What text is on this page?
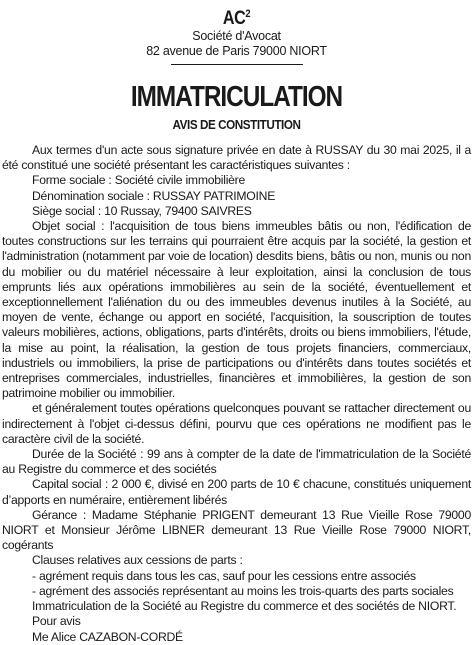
$AC^2$
Société d'Avocat
82 avenue de Paris 79000 NIORT
IMMATRICULATION
AVIS DE CONSTITUTION

Aux termes d'un acte sous signature privée en date à RUSSAY du 30 mai 2025, il a été constitué une société présentant les caractéristiques suivantes :

Forme sociale : Société civile immobilière

Dénomination sociale : RUSSAY PATRIMOINE

Siège social : 10 Russay, 79400 SAIVRES

Objet social : l'acquisition de tous biens immeubles bâtis ou non, l'édification de toutes constructions sur les terrains qui pourraient être acquis par la société, la gestion et l'administration (notamment par voie de location) desdits biens, bâtis ou non, munis ou non du mobilier ou du matériel nécessaire à leur exploitation, ainsi la conclusion de tous emprunts liés aux opérations immobilières au sein de la société, éventuellement et exceptionnellement l'aliénation du ou des immeubles devenus inutiles à la Société, au moyen de vente, échange ou apport en société, l'acquisition, la souscription de toutes valeurs mobilières, actions, obligations, parts d'intérêts, droits ou biens immobiliers, l'étude, la mise au point, la réalisation, la gestion de tous projets financiers, commerciaux, industriels ou immobiliers, la prise de participations ou d'intérêts dans toutes sociétés et entreprises commerciales, industrielles, financières et immobilières, la gestion de son patrimoine mobilier ou immobilier.

et généralement toutes opérations quelconques pouvant se rattacher directement ou indirectement à l'objet ci-dessus défini, pourvu que ces opérations ne modifient pas le caractère civil de la société.

Durée de la Société : 99 ans à compter de la date de l'immatriculation de la Société au Registre du commerce et des sociétés

Capital social : 2 000 €, divisé en 200 parts de 10 € chacune, constitués uniquement d’apports en numéraire, entièrement libérés

Gérance : Madame Stéphanie PRIGENT demeurant 13 Rue Vieille Rose 79000 NIORT et Monsieur Jérôme LIBNER demeurant 13 Rue Vieille Rose 79000 NIORT, cogérants

Clauses relatives aux cessions de parts :

- agrément requis dans tous les cas, sauf pour les cessions entre associés

- agrément des associés représentant au moins les trois-quarts des parts sociales

Immatriculation de la Société au Registre du commerce et des sociétés de NIORT.

Pour avis

Me Alice CAZABON-CORDÉ
